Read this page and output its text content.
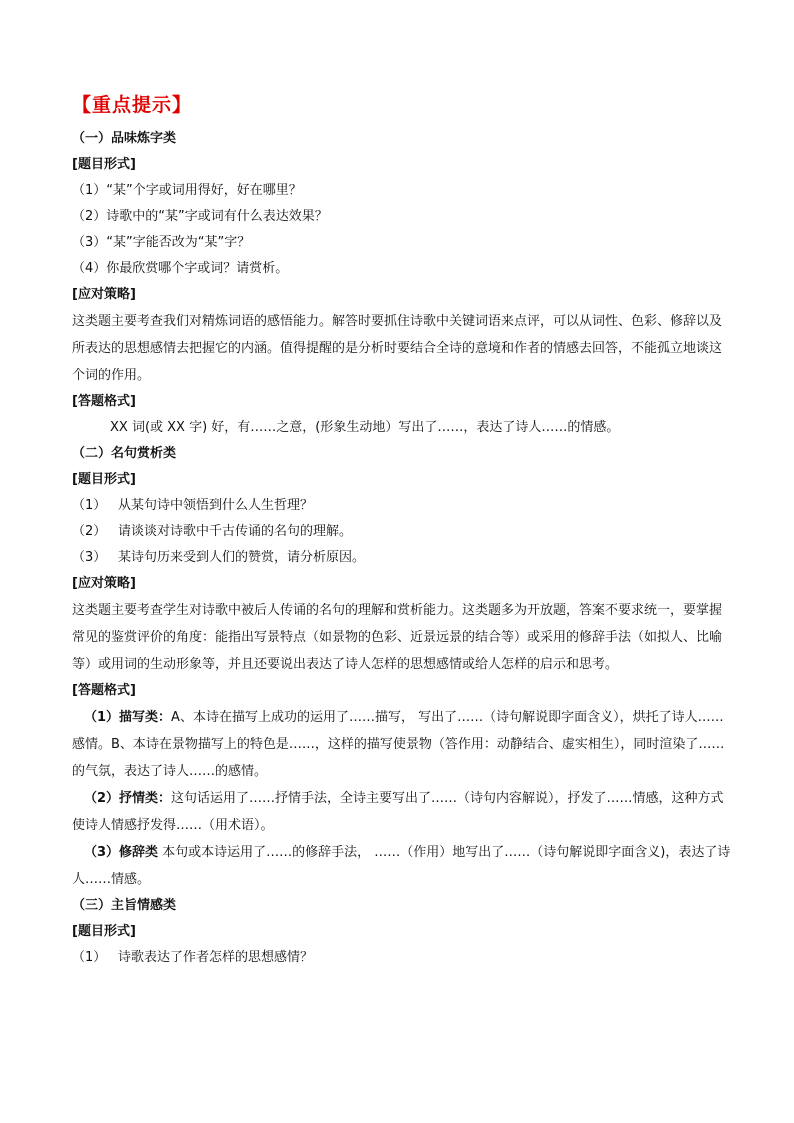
【重点提示】
（一）品味炼字类
[题目形式]
（1）“某”个字或词用得好，好在哪里？
（2）诗歌中的“某”字或词有什么表达效果？
（3）“某”字能否改为“某”字？
（4）你最欣赏哪个字或词？请赏析。
[应对策略]

这类题主要考查我们对精炼词语的感悟能力。解答时要抓住诗歌中关键词语来点评，可以从词性、色彩、修辞以及所表达的思想感情去把握它的内涵。值得提醒的是分析时要结合全诗的意境和作者的情感去回答，不能孤立地谈这个词的作用。

[答题格式]
XX 词(或 XX 字) 好，有……之意，(形象生动地）写出了……，表达了诗人……的情感。
（二）名句赏析类
[题目形式]
（1） 从某句诗中领悟到什么人生哲理？
（2） 请谈谈对诗歌中千古传诵的名句的理解。
（3） 某诗句历来受到人们的赞赏，请分析原因。
[应对策略]

这类题主要考查学生对诗歌中被后人传诵的名句的理解和赏析能力。这类题多为开放题，答案不要求统一，要掌握常见的鉴赏评价的角度：能指出写景特点（如景物的色彩、近景远景的结合等）或采用的修辞手法（如拟人、比喻等）或用词的生动形象等，并且还要说出表达了诗人怎样的思想感情或给人怎样的启示和思考。

[答题格式]

（1）描写类：A、本诗在描写上成功的运用了……描写， 写出了……（诗句解说即字面含义），烘托了诗人……感情。B、本诗在景物描写上的特色是……，这样的描写使景物（答作用：动静结合、虚实相生），同时渲染了……的气氛，表达了诗人……的感情。

（2）抒情类：这句话运用了……抒情手法，全诗主要写出了……（诗句内容解说），抒发了……情感，这种方式使诗人情感抒发得……（用术语）。

（3）修辞类 本句或本诗运用了……的修辞手法， ……（作用）地写出了……（诗句解说即字面含义)，表达了诗人……情感。

（三）主旨情感类
[题目形式]
（1） 诗歌表达了作者怎样的思想感情？
